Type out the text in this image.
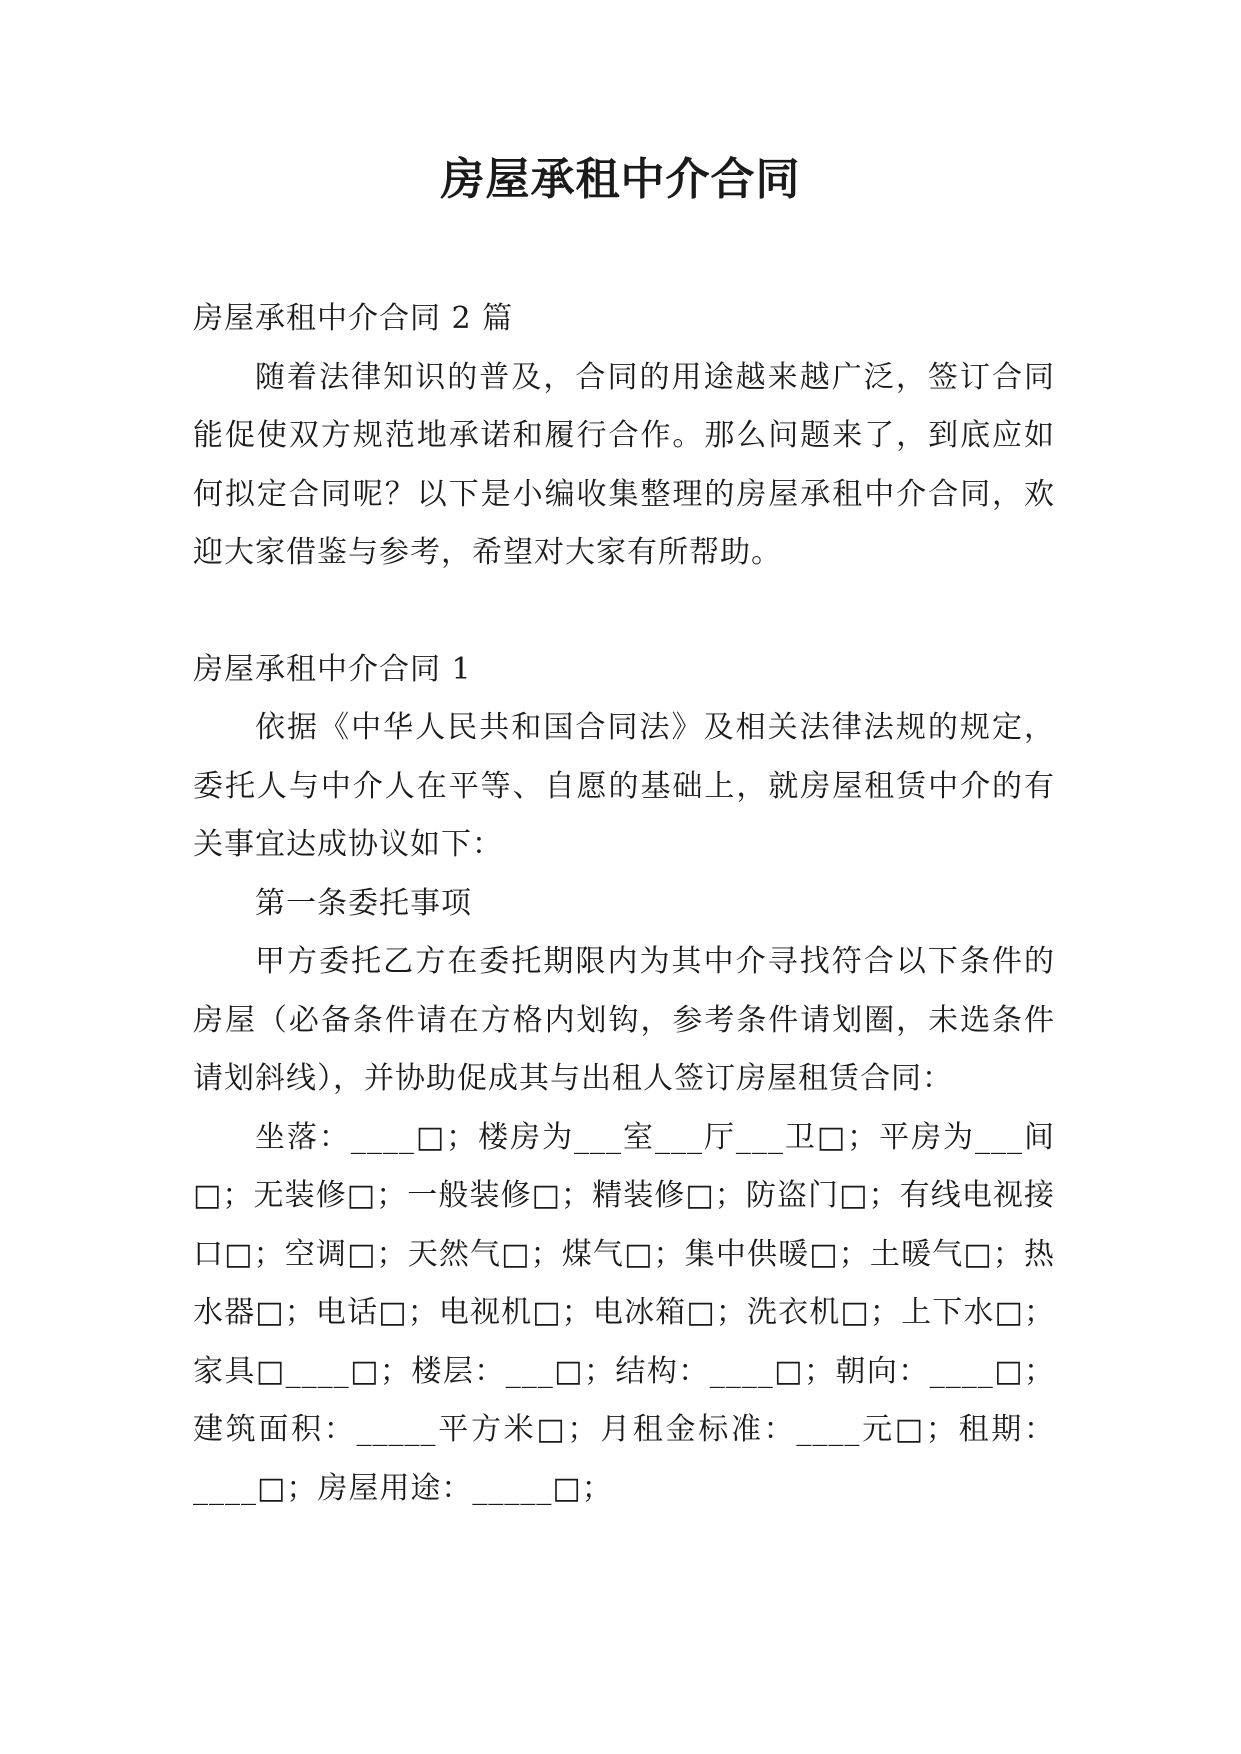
房屋承租中介合同

房屋承租中介合同 2 篇

随着法律知识的普及，合同的用途越来越广泛，签订合同能促使双方规范地承诺和履行合作。那么问题来了，到底应如何拟定合同呢？以下是小编收集整理的房屋承租中介合同，欢迎大家借鉴与参考，希望对大家有所帮助。

房屋承租中介合同 1

依据《中华人民共和国合同法》及相关法律法规的规定，委托人与中介人在平等、自愿的基础上，就房屋租赁中介的有关事宜达成协议如下：

第一条委托事项

甲方委托乙方在委托期限内为其中介寻找符合以下条件的房屋（必备条件请在方格内划钩，参考条件请划圈，未选条件请划斜线），并协助促成其与出租人签订房屋租赁合同：

坐落：____□；楼房为___室___厅___卫□；平房为___间□；无装修□；一般装修□；精装修□；防盗门□；有线电视接口□；空调□；天然气□；煤气□；集中供暖□；土暖气□；热水器□；电话□；电视机□；电冰箱□；洗衣机□；上下水□；家具□____□；楼层：___□；结构：____□；朝向：____□；建筑面积：_____平方米□；月租金标准：____元□；租期：____□；房屋用途：_____□；
